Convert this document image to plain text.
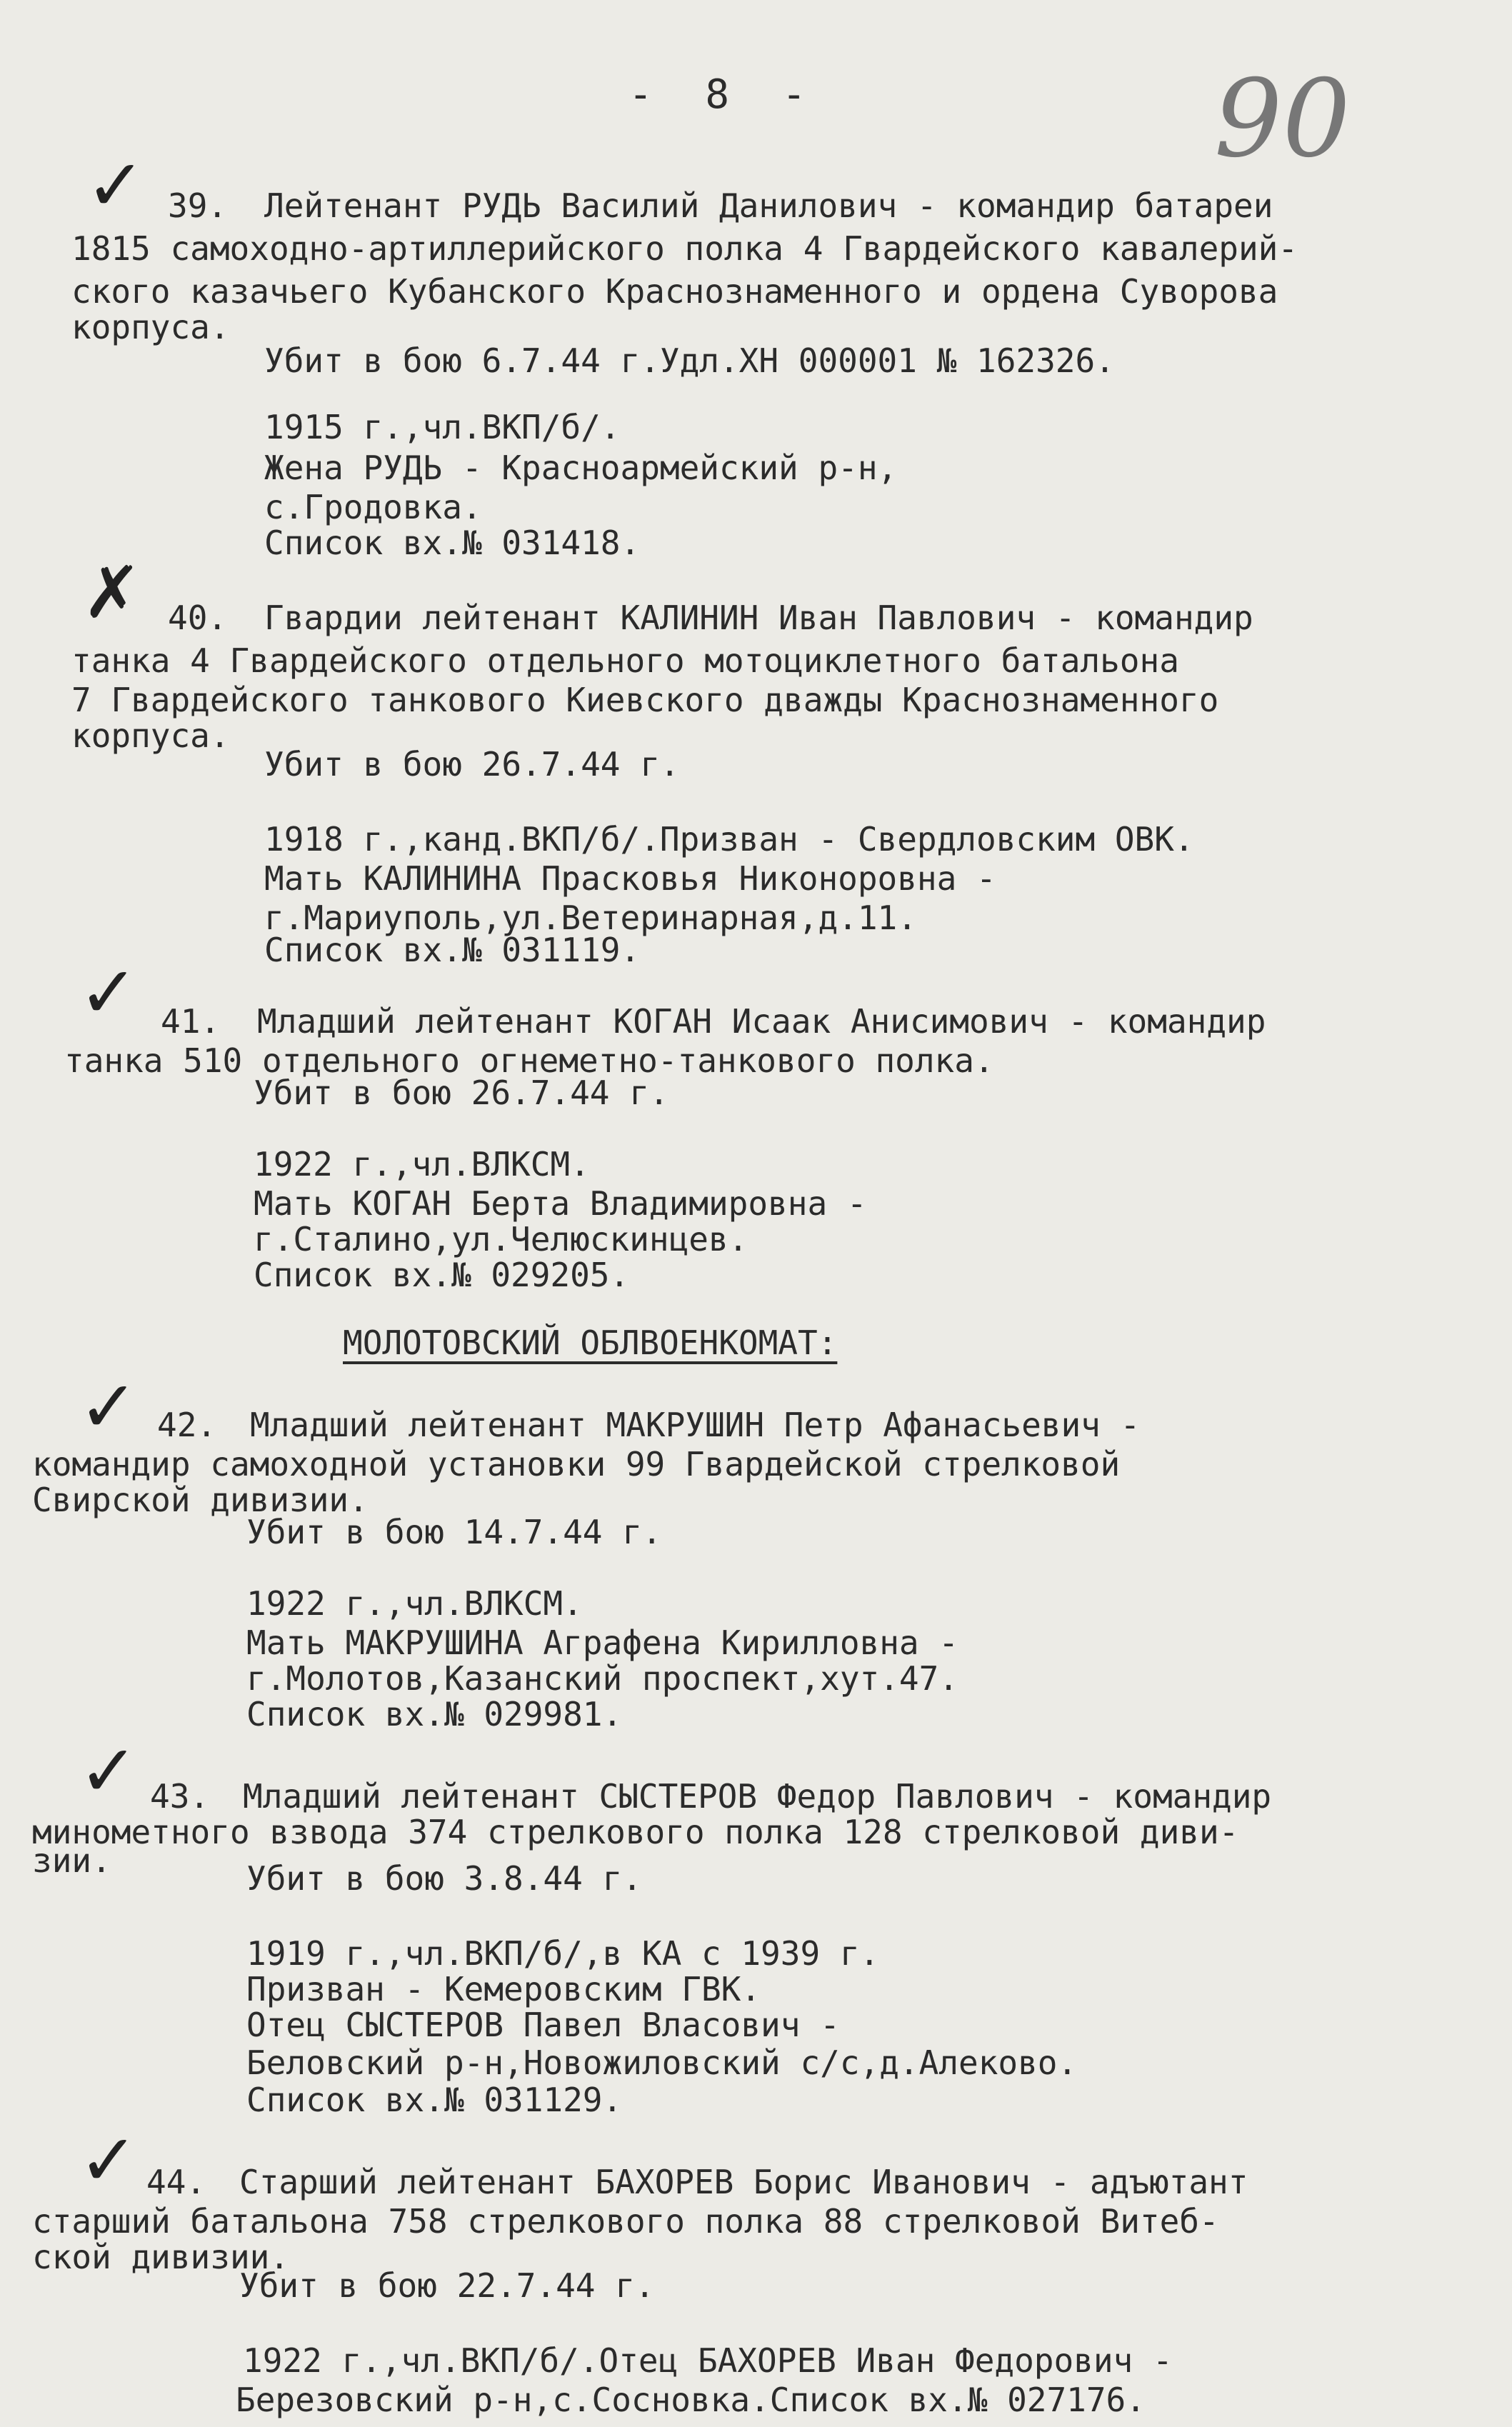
- 8 -	90
✓ 39. Лейтенант РУДЬ Василий Данилович - командир батареи
1815 самоходно-артиллерийского полка 4 Гвардейского кавалерий-
ского казачьего Кубанского Краснознаменного и ордена Суворова
корпуса.
Убит в бою 6.7.44 г.Удл.ХН 000001 № 162326.
1915 г.,чл.ВКП/б/.
Жена РУДЬ - Красноармейский р-н,
с.Гродовка.
Список вх.№ 031418.
✗ 40. Гвардии лейтенант КАЛИНИН Иван Павлович - командир
танка 4 Гвардейского отдельного мотоциклетного батальона
7 Гвардейского танкового Киевского дважды Краснознаменного
корпуса.
Убит в бою 26.7.44 г.
1918 г.,канд.ВКП/б/.Призван - Свердловским ОВК.
Мать КАЛИНИНА Прасковья Никоноровна -
г.Мариуполь,ул.Ветеринарная,д.11.
Список вх.№ 031119.
✓ 41. Младший лейтенант КОГАН Исаак Анисимович - командир
танка 510 отдельного огнеметно-танкового полка.
Убит в бою 26.7.44 г.
1922 г.,чл.ВЛКСМ.
Мать КОГАН Берта Владимировна -
г.Сталино,ул.Челюскинцев.
Список вх.№ 029205.
МОЛОТОВСКИЙ ОБЛВОЕНКОМАТ:
✓ 42. Младший лейтенант МАКРУШИН Петр Афанасьевич -
командир самоходной установки 99 Гвардейской стрелковой
Свирской дивизии.
Убит в бою 14.7.44 г.
1922 г.,чл.ВЛКСМ.
Мать МАКРУШИНА Аграфена Кирилловна -
г.Молотов,Казанский проспект,хут.47.
Список вх.№ 029981.
✓ 43. Младший лейтенант СЫСТЕРОВ Федор Павлович - командир
минометного взвода 374 стрелкового полка 128 стрелковой диви-
зии.	Убит в бою 3.8.44 г.
1919 г.,чл.ВКП/б/,в КА с 1939 г.
Призван - Кемеровским ГВК.
Отец СЫСТЕРОВ Павел Власович -
Беловский р-н,Новожиловский с/с,д.Алеково.
Список вх.№ 031129.
✓ 44. Старший лейтенант БАХОРЕВ Борис Иванович - адъютант
старший батальона 758 стрелкового полка 88 стрелковой Витеб-
ской дивизии.
Убит в бою 22.7.44 г.
1922 г.,чл.ВКП/б/.Отец БАХОРЕВ Иван Федорович -
Березовский р-н,с.Сосновка.Список вх.№ 027176.
